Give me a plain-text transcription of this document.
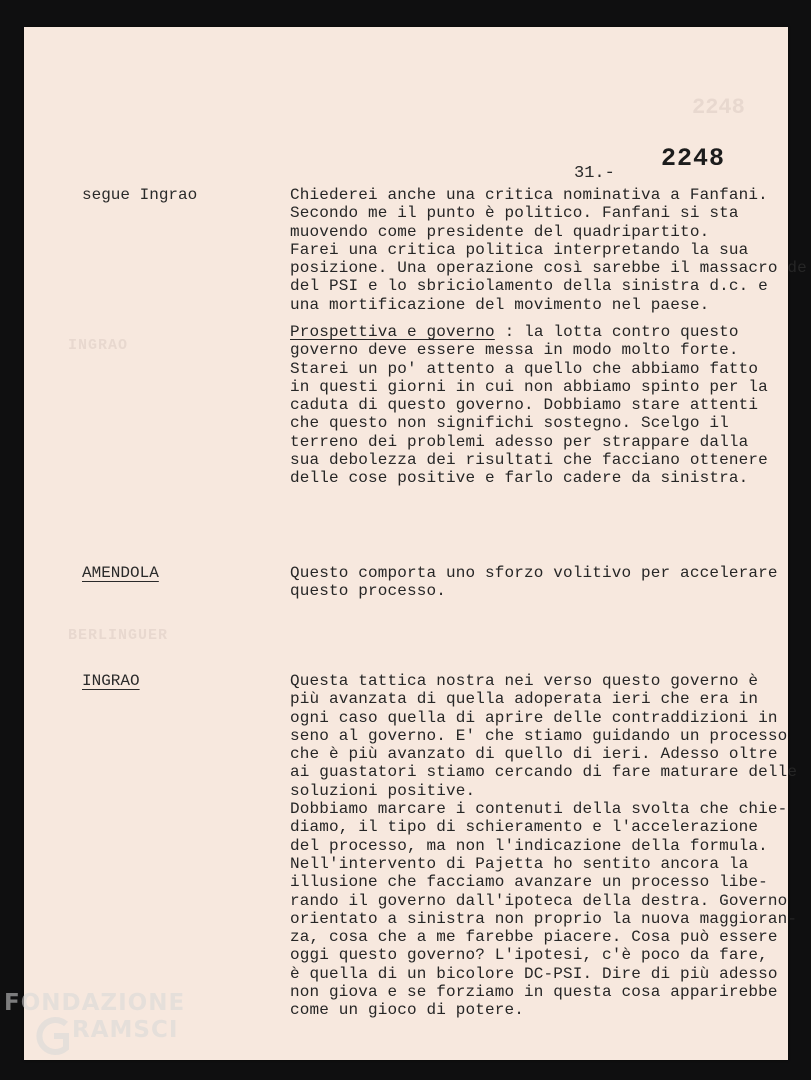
2248
INGRAO
BERLINGUER
31.-
2248
segue Ingrao	Chiederei anche una critica nominativa a Fanfani.
Secondo me il punto è politico. Fanfani si sta
muovendo come presidente del quadripartito.
Farei una critica politica interpretando la sua
posizione. Una operazione così sarebbe il massacro de
del PSI e lo sbriciolamento della sinistra d.c. e
una mortificazione del movimento nel paese.
Prospettiva e governo : la lotta contro questo
governo deve essere messa in modo molto forte.
Starei un po' attento a quello che abbiamo fatto
in questi giorni in cui non abbiamo spinto per la
caduta di questo governo. Dobbiamo stare attenti
che questo non significhi sostegno. Scelgo il
terreno dei problemi adesso per strappare dalla
sua debolezza dei risultati che facciano ottenere
delle cose positive e farlo cadere da sinistra.
AMENDOLA	Questo comporta uno sforzo volitivo per accelerare
questo processo.
INGRAO	Questa tattica nostra nei verso questo governo è
più avanzata di quella adoperata ieri che era in
ogni caso quella di aprire delle contraddizioni in
seno al governo. E' che stiamo guidando un processo
che è più avanzato di quello di ieri. Adesso oltre
ai guastatori stiamo cercando di fare maturare delle
soluzioni positive.
Dobbiamo marcare i contenuti della svolta che chie-
diamo, il tipo di schieramento e l'accelerazione
del processo, ma non l'indicazione della formula.
Nell'intervento di Pajetta ho sentito ancora la
illusione che facciamo avanzare un processo libe-
rando il governo dall'ipoteca della destra. Governo
orientato a sinistra non proprio la nuova maggioran-
za, cosa che a me farebbe piacere. Cosa può essere
oggi questo governo? L'ipotesi, c'è poco da fare,
è quella di un bicolore DC-PSI. Dire di più adesso
non giova e se forziamo in questa cosa apparirebbe
come un gioco di potere.
FONDAZIONE
RAMSCI
